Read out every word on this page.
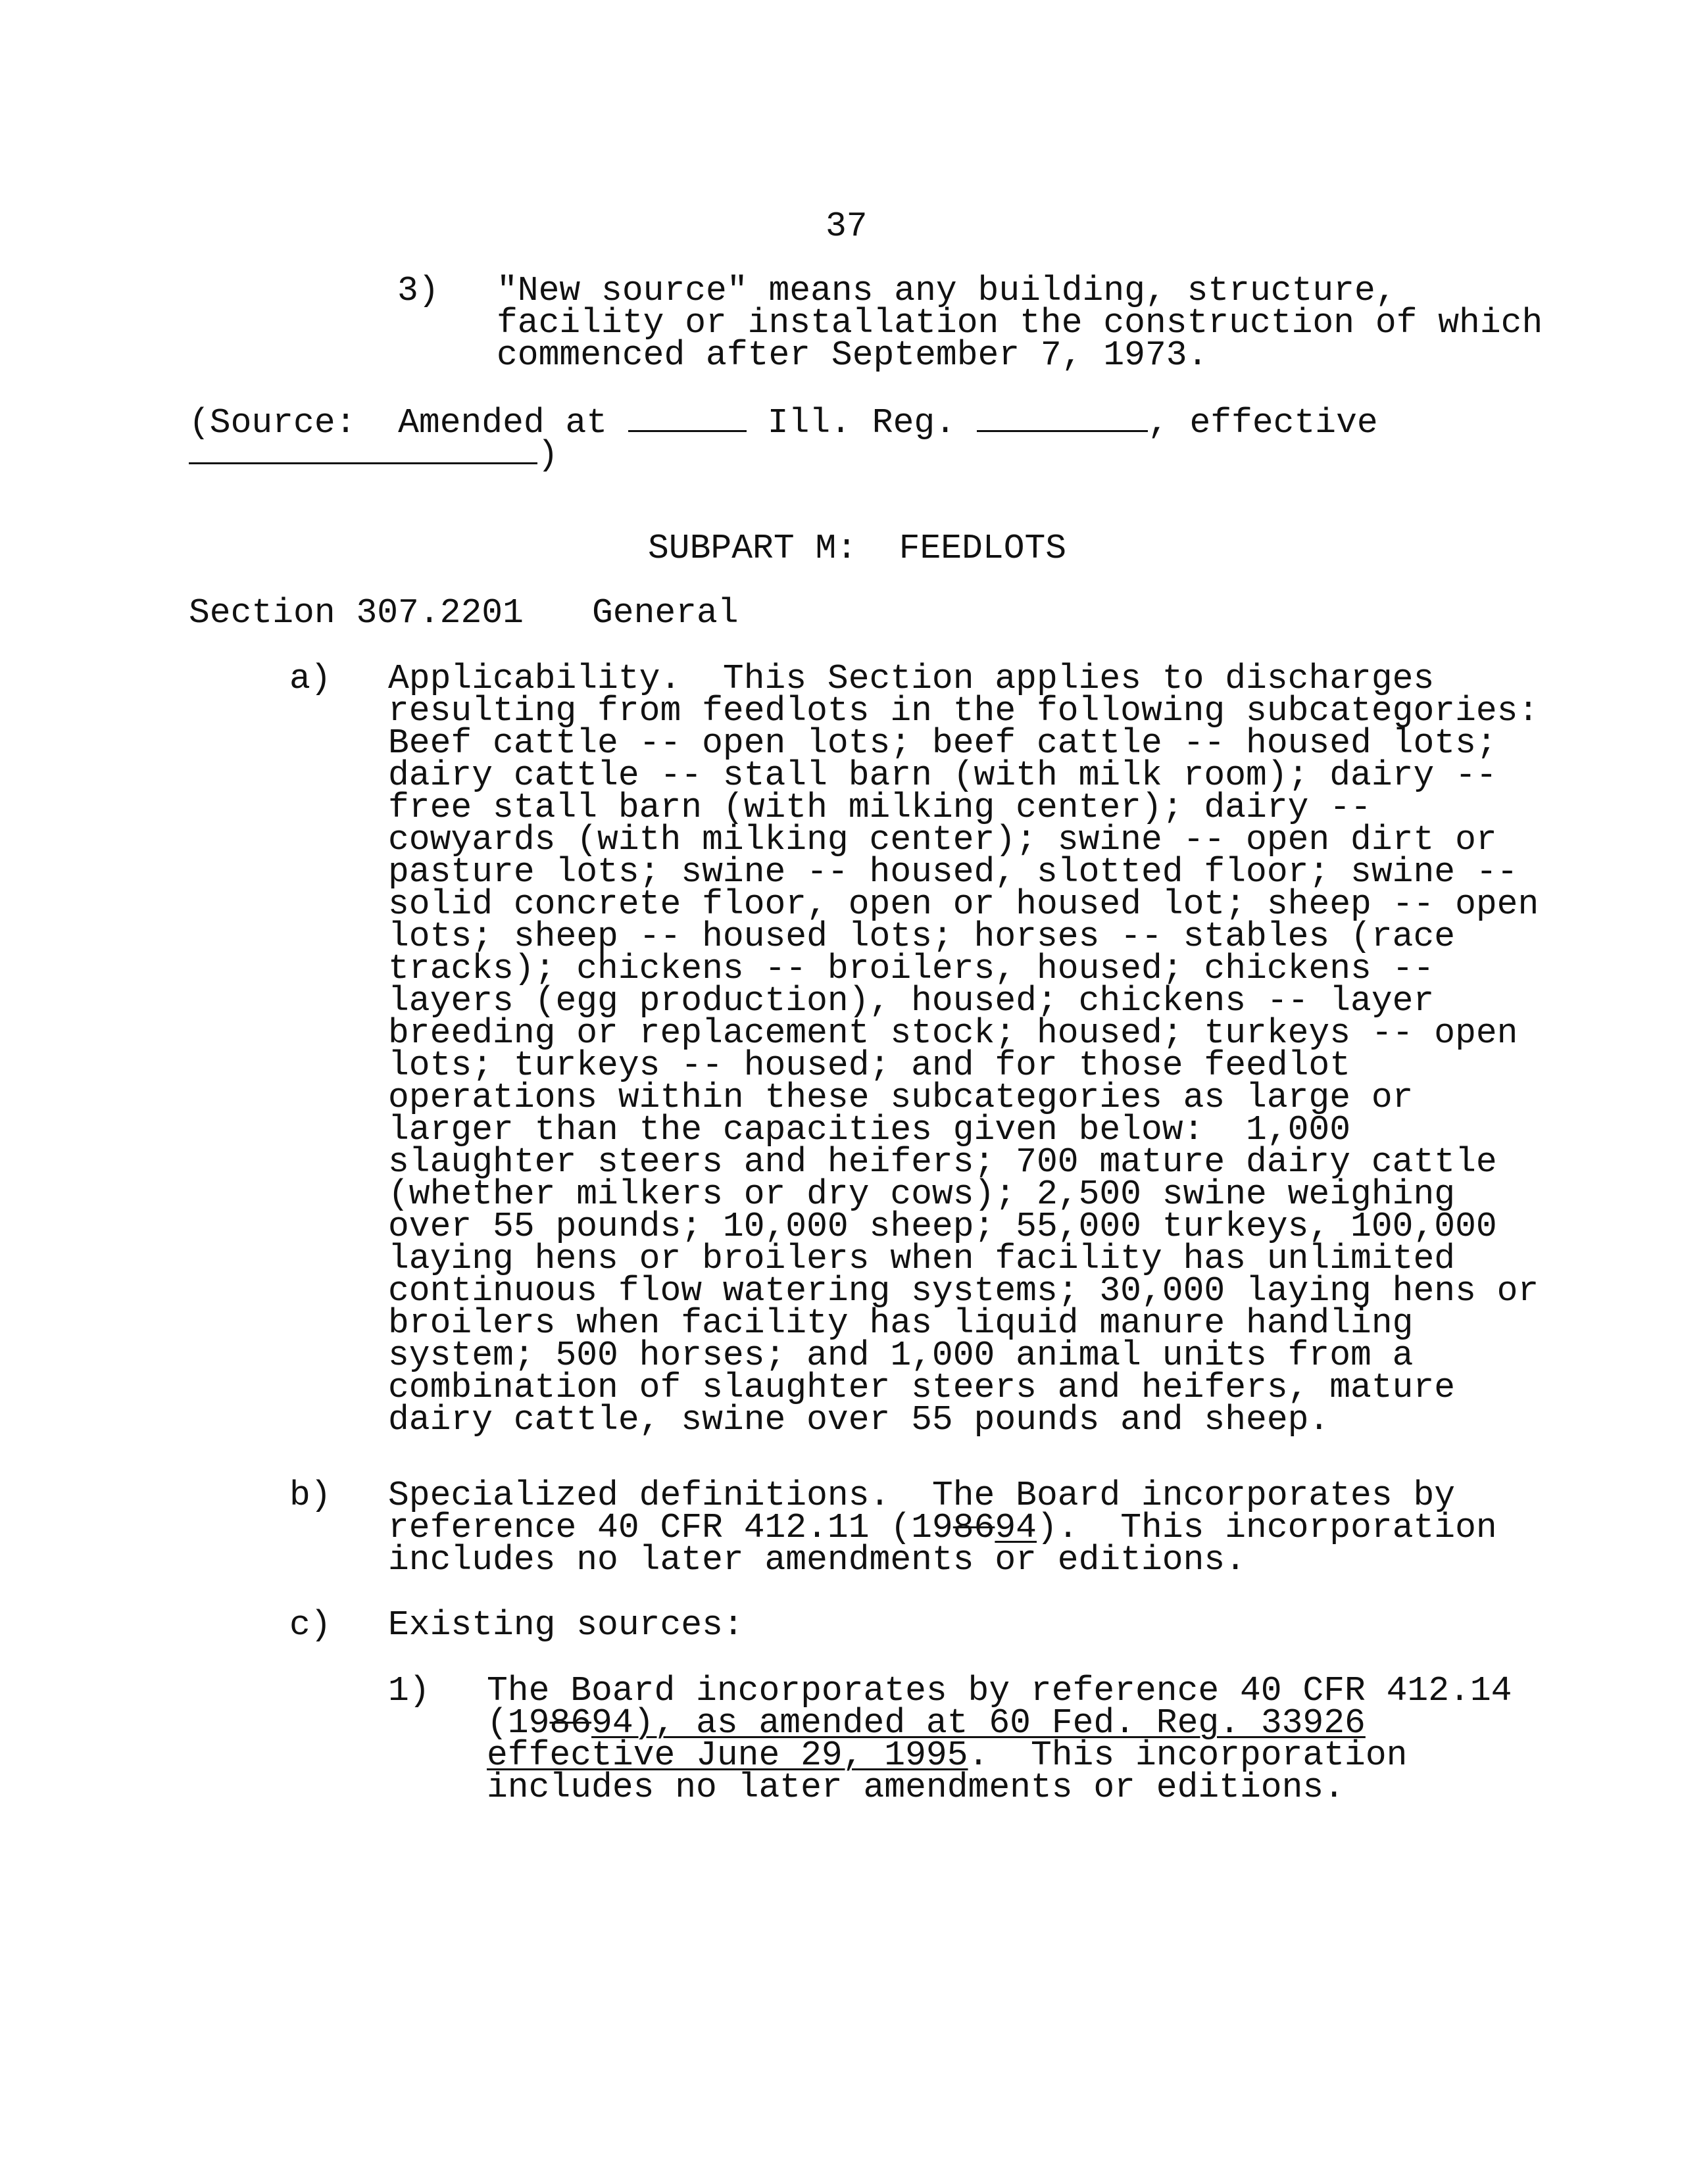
37
3) "New source" means any building, structure,

facility or installation the construction of which

commenced after September 7, 1973.

(Source: Amended at	Ill. Reg.	, effective
)
SUBPART M:  FEEDLOTS
Section 307.2201 General
a) Applicability.  This Section applies to discharges

resulting from feedlots in the following subcategories:

Beef cattle -- open lots; beef cattle -- housed lots;

dairy cattle -- stall barn (with milk room); dairy --

free stall barn (with milking center); dairy --

cowyards (with milking center); swine -- open dirt or

pasture lots; swine -- housed, slotted floor; swine --

solid concrete floor, open or housed lot; sheep -- open

lots; sheep -- housed lots; horses -- stables (race

tracks); chickens -- broilers, housed; chickens --

layers (egg production), housed; chickens -- layer

breeding or replacement stock; housed; turkeys -- open

lots; turkeys -- housed; and for those feedlot

operations within these subcategories as large or

larger than the capacities given below:  1,000

slaughter steers and heifers; 700 mature dairy cattle

(whether milkers or dry cows); 2,500 swine weighing

over 55 pounds; 10,000 sheep; 55,000 turkeys, 100,000

laying hens or broilers when facility has unlimited

continuous flow watering systems; 30,000 laying hens or

broilers when facility has liquid manure handling

system; 500 horses; and 1,000 animal units from a

combination of slaughter steers and heifers, mature

dairy cattle, swine over 55 pounds and sheep.

b) Specialized definitions.  The Board incorporates by

reference 40 CFR 412.11 (198694).  This incorporation

includes no later amendments or editions.

c) Existing sources:
1) The Board incorporates by reference 40 CFR 412.14

(198694), as amended at 60 Fed. Reg. 33926

effective June 29, 1995.  This incorporation

includes no later amendments or editions.
